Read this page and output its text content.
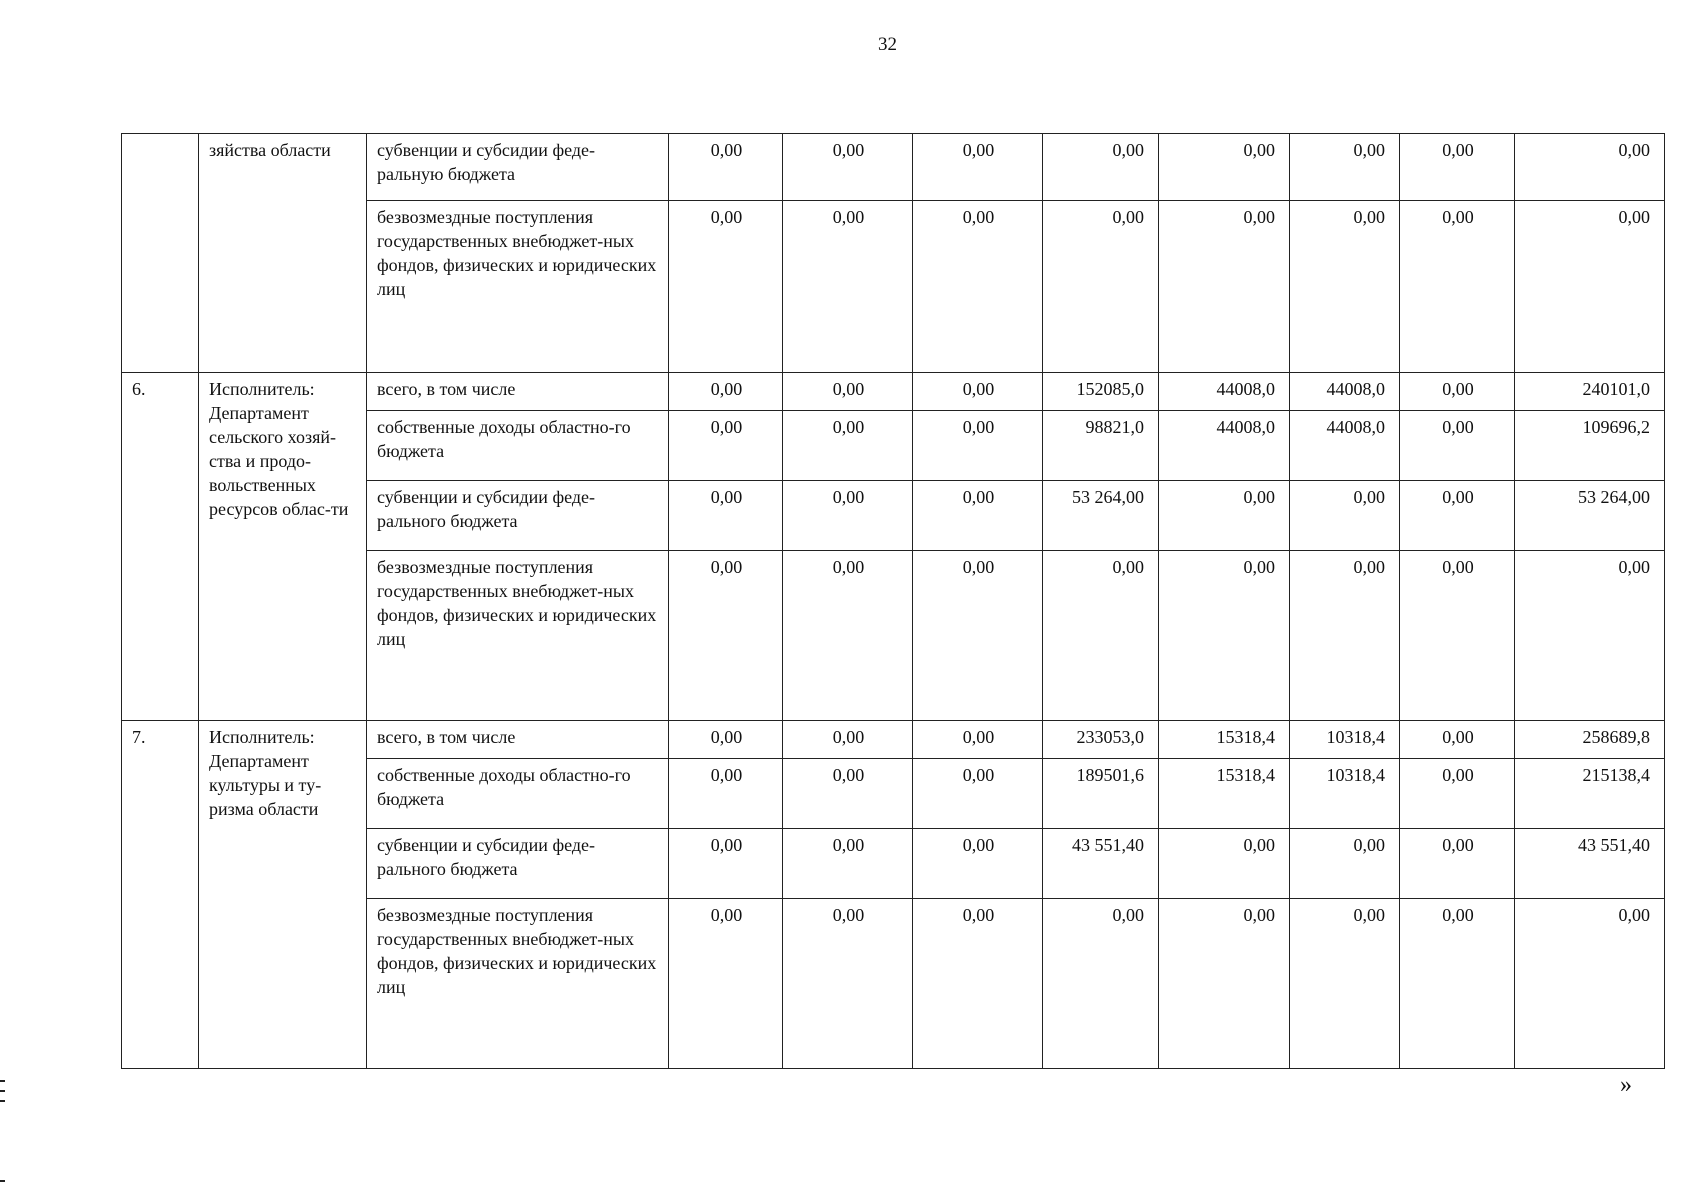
32
	зяйства области	субвенции и субсидии феде-ральную бюджета	0,00	0,00	0,00	0,00	0,00	0,00	0,00	0,00
		безвозмездные поступления государственных внебюджет-ных фондов, физических и юридических лиц	0,00	0,00	0,00	0,00	0,00	0,00	0,00	0,00
6.	Исполнитель: Департамент сельского хозяй-ства и продо-вольственных ресурсов облас-ти	всего, в том числе	0,00	0,00	0,00	152085,0	44008,0	44008,0	0,00	240101,0
		собственные доходы областно-го бюджета	0,00	0,00	0,00	98821,0	44008,0	44008,0	0,00	109696,2
		субвенции и субсидии феде-рального бюджета	0,00	0,00	0,00	53 264,00	0,00	0,00	0,00	53 264,00
		безвозмездные поступления государственных внебюджет-ных фондов, физических и юридических лиц	0,00	0,00	0,00	0,00	0,00	0,00	0,00	0,00
7.	Исполнитель: Департамент культуры и ту-ризма области	всего, в том числе	0,00	0,00	0,00	233053,0	15318,4	10318,4	0,00	258689,8
		собственные доходы областно-го бюджета	0,00	0,00	0,00	189501,6	15318,4	10318,4	0,00	215138,4
		субвенции и субсидии феде-рального бюджета	0,00	0,00	0,00	43 551,40	0,00	0,00	0,00	43 551,40
		безвозмездные поступления государственных внебюджет-ных фондов, физических и юридических лиц	0,00	0,00	0,00	0,00	0,00	0,00	0,00	0,00
»
